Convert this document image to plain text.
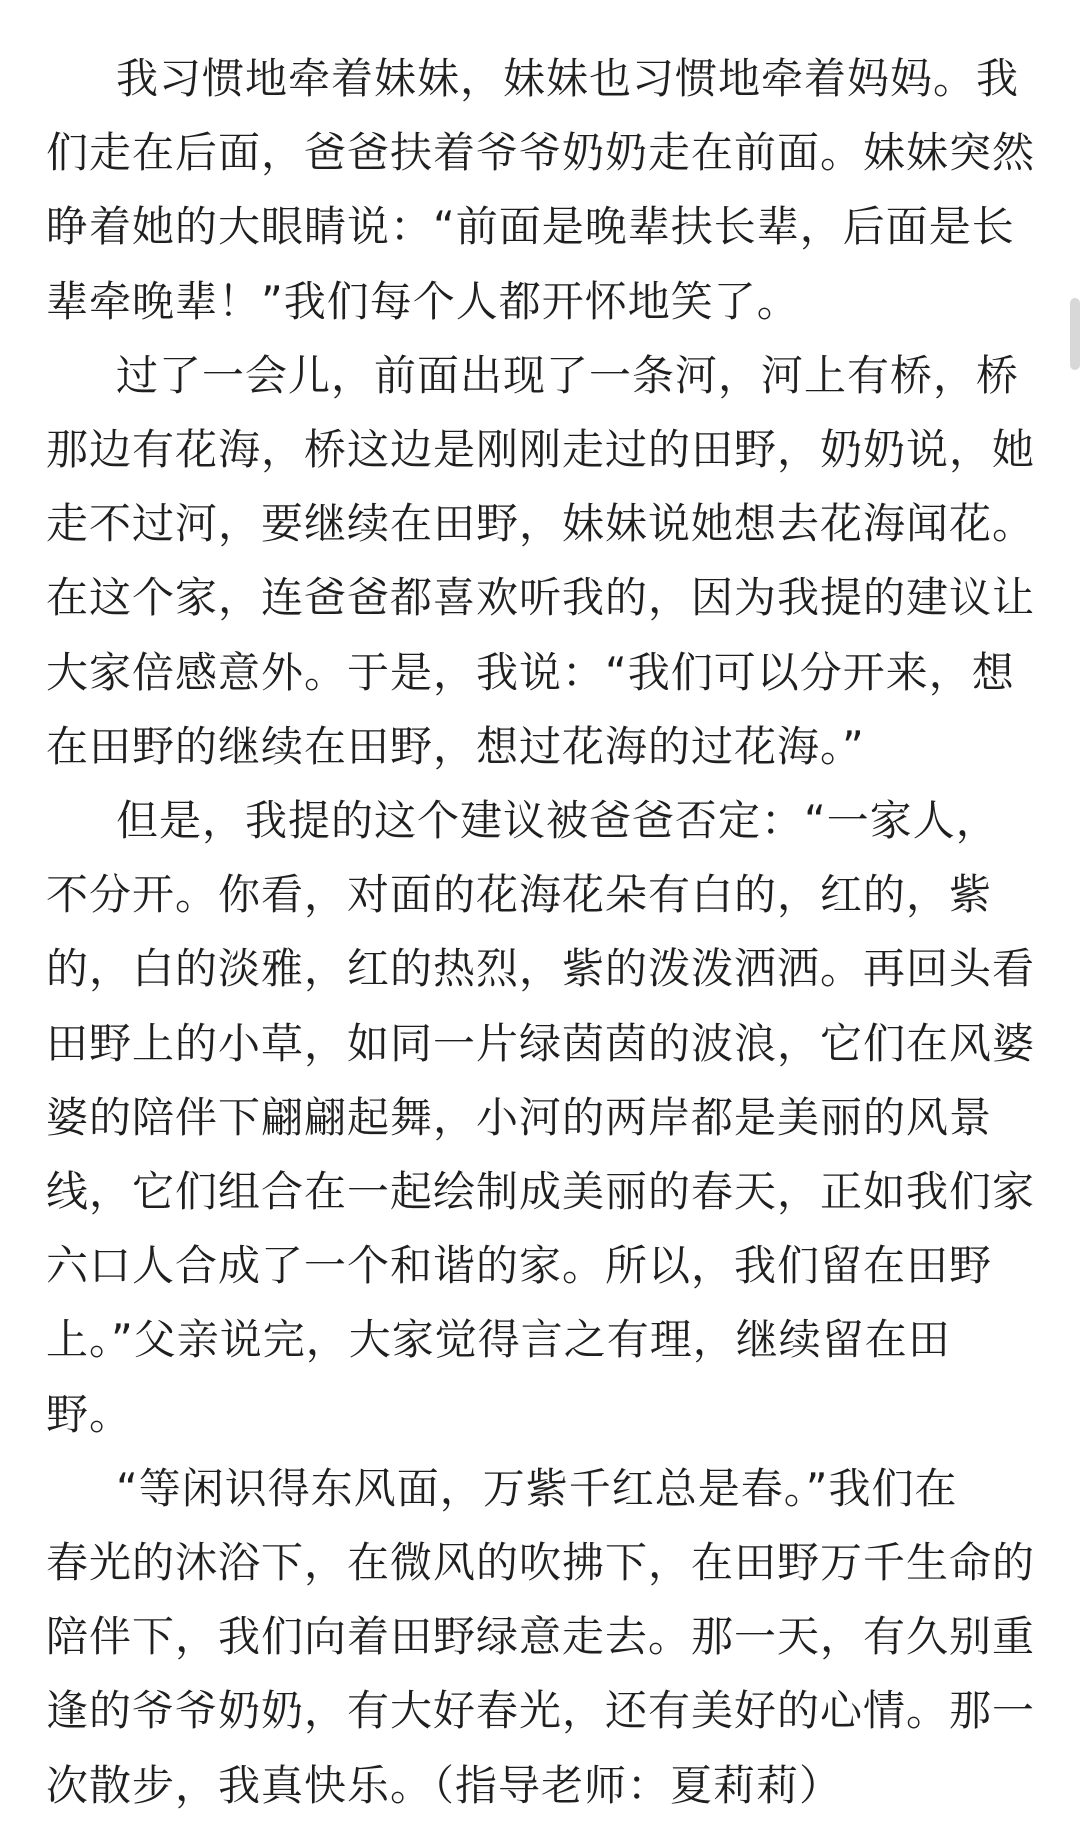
我习惯地牵着妹妹，妹妹也习惯地牵着妈妈。我
们走在后面，爸爸扶着爷爷奶奶走在前面。妹妹突然
睁着她的大眼睛说：“前面是晚辈扶长辈，后面是长
辈牵晚辈！”我们每个人都开怀地笑了。
过了一会儿，前面出现了一条河，河上有桥，桥
那边有花海，桥这边是刚刚走过的田野，奶奶说，她
走不过河，要继续在田野，妹妹说她想去花海闻花。
在这个家，连爸爸都喜欢听我的，因为我提的建议让
大家倍感意外。于是，我说：“我们可以分开来，想
在田野的继续在田野，想过花海的过花海。”
但是，我提的这个建议被爸爸否定：“一家人，
不分开。你看，对面的花海花朵有白的，红的，紫
的，白的淡雅，红的热烈，紫的泼泼洒洒。再回头看
田野上的小草，如同一片绿茵茵的波浪，它们在风婆
婆的陪伴下翩翩起舞，小河的两岸都是美丽的风景
线，它们组合在一起绘制成美丽的春天，正如我们家
六口人合成了一个和谐的家。所以，我们留在田野
上。”父亲说完，大家觉得言之有理，继续留在田
野。
“等闲识得东风面，万紫千红总是春。”我们在
春光的沐浴下，在微风的吹拂下，在田野万千生命的
陪伴下，我们向着田野绿意走去。那一天，有久别重
逢的爷爷奶奶，有大好春光，还有美好的心情。那一
次散步，我真快乐。（指导老师：夏莉莉）
